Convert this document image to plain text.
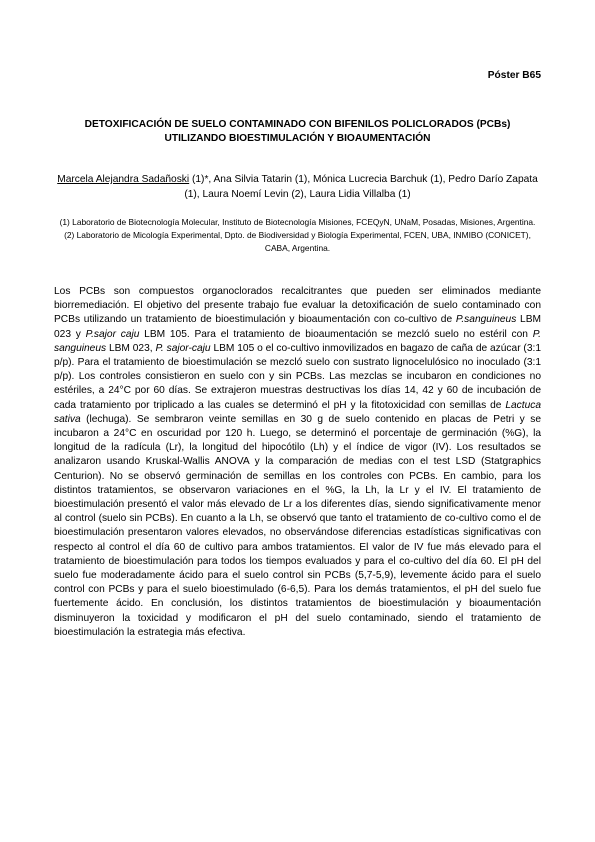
Póster B65
DETOXIFICACIÓN DE SUELO CONTAMINADO CON BIFENILOS POLICLORADOS (PCBs)
UTILIZANDO BIOESTIMULACIÓN Y BIOAUMENTACIÓN
Marcela Alejandra Sadañoski (1)*, Ana Silvia Tatarin (1), Mónica Lucrecia Barchuk (1), Pedro Darío Zapata (1), Laura Noemí Levin (2), Laura Lidia Villalba (1)
(1) Laboratorio de Biotecnología Molecular, Instituto de Biotecnología Misiones, FCEQyN, UNaM, Posadas, Misiones, Argentina. (2) Laboratorio de Micología Experimental, Dpto. de Biodiversidad y Biología Experimental, FCEN, UBA, INMIBO (CONICET), CABA, Argentina.

Los PCBs son compuestos organoclorados recalcitrantes que pueden ser eliminados mediante biorremediación. El objetivo del presente trabajo fue evaluar la detoxificación de suelo contaminado con PCBs utilizando un tratamiento de bioestimulación y bioaumentación con co-cultivo de P.sanguineus LBM 023 y P.sajor caju LBM 105. Para el tratamiento de bioaumentación se mezcló suelo no estéril con P. sanguineus LBM 023, P. sajor-caju LBM 105 o el co-cultivo inmovilizados en bagazo de caña de azúcar (3:1 p/p). Para el tratamiento de bioestimulación se mezcló suelo con sustrato lignocelulósico no inoculado (3:1 p/p). Los controles consistieron en suelo con y sin PCBs. Las mezclas se incubaron en condiciones no estériles, a 24°C por 60 días. Se extrajeron muestras destructivas los días 14, 42 y 60 de incubación de cada tratamiento por triplicado a las cuales se determinó el pH y la fitotoxicidad con semillas de Lactuca sativa (lechuga). Se sembraron veinte semillas en 30 g de suelo contenido en placas de Petri y se incubaron a 24°C en oscuridad por 120 h. Luego, se determinó el porcentaje de germinación (%G), la longitud de la radícula (Lr), la longitud del hipocótilo (Lh) y el índice de vigor (IV). Los resultados se analizaron usando Kruskal-Wallis ANOVA y la comparación de medias con el test LSD (Statgraphics Centurion). No se observó germinación de semillas en los controles con PCBs. En cambio, para los distintos tratamientos, se observaron variaciones en el %G, la Lh, la Lr y el IV. El tratamiento de bioestimulación presentó el valor más elevado de Lr a los diferentes días, siendo significativamente menor al control (suelo sin PCBs). En cuanto a la Lh, se observó que tanto el tratamiento de co-cultivo como el de bioestimulación presentaron valores elevados, no observándose diferencias estadísticas significativas con respecto al control el día 60 de cultivo para ambos tratamientos. El valor de IV fue más elevado para el tratamiento de bioestimulación para todos los tiempos evaluados y para el co-cultivo del día 60. El pH del suelo fue moderadamente ácido para el suelo control sin PCBs (5,7-5,9), levemente ácido para el suelo control con PCBs y para el suelo bioestimulado (6-6,5). Para los demás tratamientos, el pH del suelo fue fuertemente ácido. En conclusión, los distintos tratamientos de bioestimulación y bioaumentación disminuyeron la toxicidad y modificaron el pH del suelo contaminado, siendo el tratamiento de bioestimulación la estrategia más efectiva.
